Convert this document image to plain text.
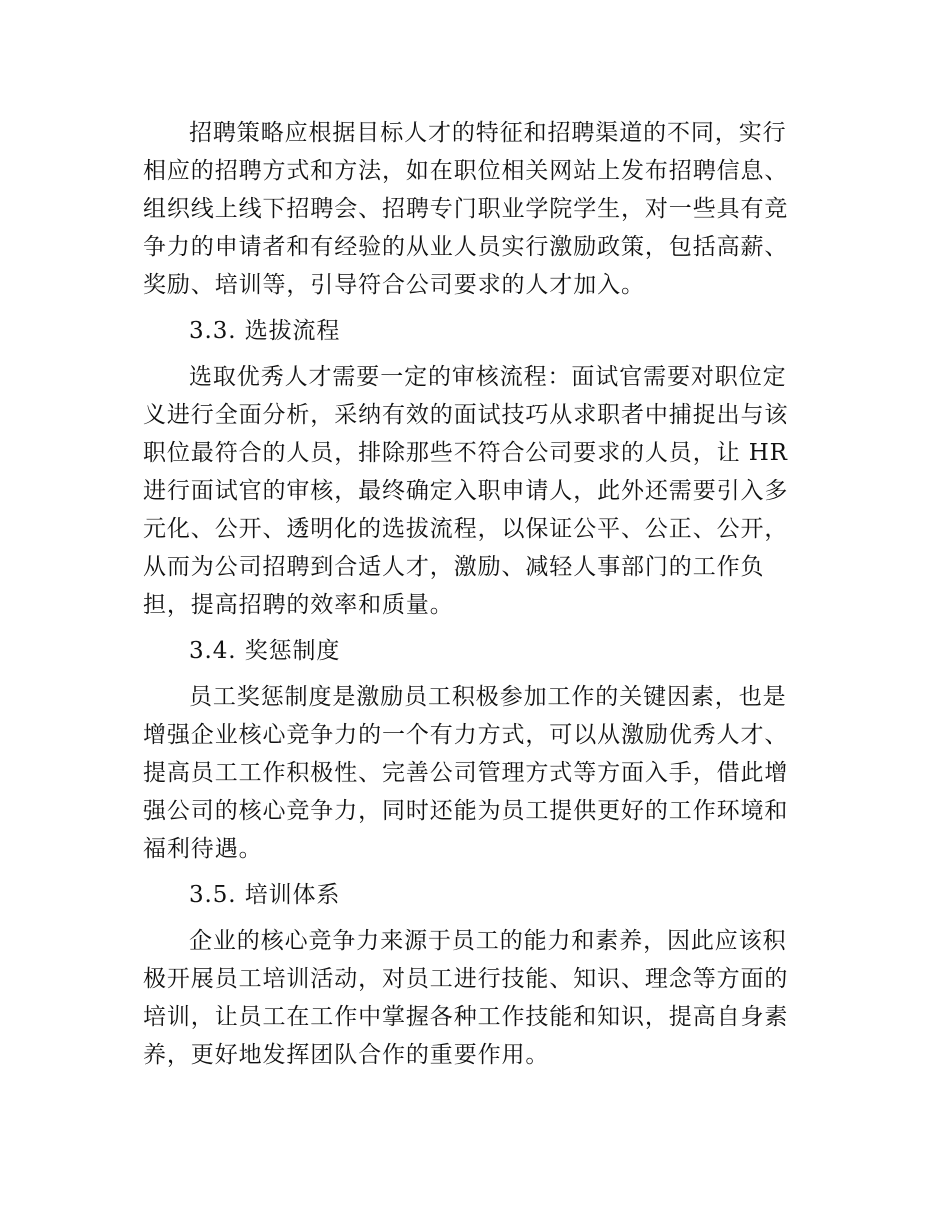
招聘策略应根据目标人才的特征和招聘渠道的不同，实行
相应的招聘方式和方法，如在职位相关网站上发布招聘信息、
组织线上线下招聘会、招聘专门职业学院学生，对一些具有竞
争力的申请者和有经验的从业人员实行激励政策，包括高薪、
奖励、培训等，引导符合公司要求的人才加入。
3.3. 选拔流程
选取优秀人才需要一定的审核流程：面试官需要对职位定
义进行全面分析，采纳有效的面试技巧从求职者中捕捉出与该
职位最符合的人员，排除那些不符合公司要求的人员，让 HR
进行面试官的审核，最终确定入职申请人，此外还需要引入多
元化、公开、透明化的选拔流程，以保证公平、公正、公开，
从而为公司招聘到合适人才，激励、减轻人事部门的工作负
担，提高招聘的效率和质量。
3.4. 奖惩制度
员工奖惩制度是激励员工积极参加工作的关键因素，也是
增强企业核心竞争力的一个有力方式，可以从激励优秀人才、
提高员工工作积极性、完善公司管理方式等方面入手，借此增
强公司的核心竞争力，同时还能为员工提供更好的工作环境和
福利待遇。
3.5. 培训体系
企业的核心竞争力来源于员工的能力和素养，因此应该积
极开展员工培训活动，对员工进行技能、知识、理念等方面的
培训，让员工在工作中掌握各种工作技能和知识，提高自身素
养，更好地发挥团队合作的重要作用。
